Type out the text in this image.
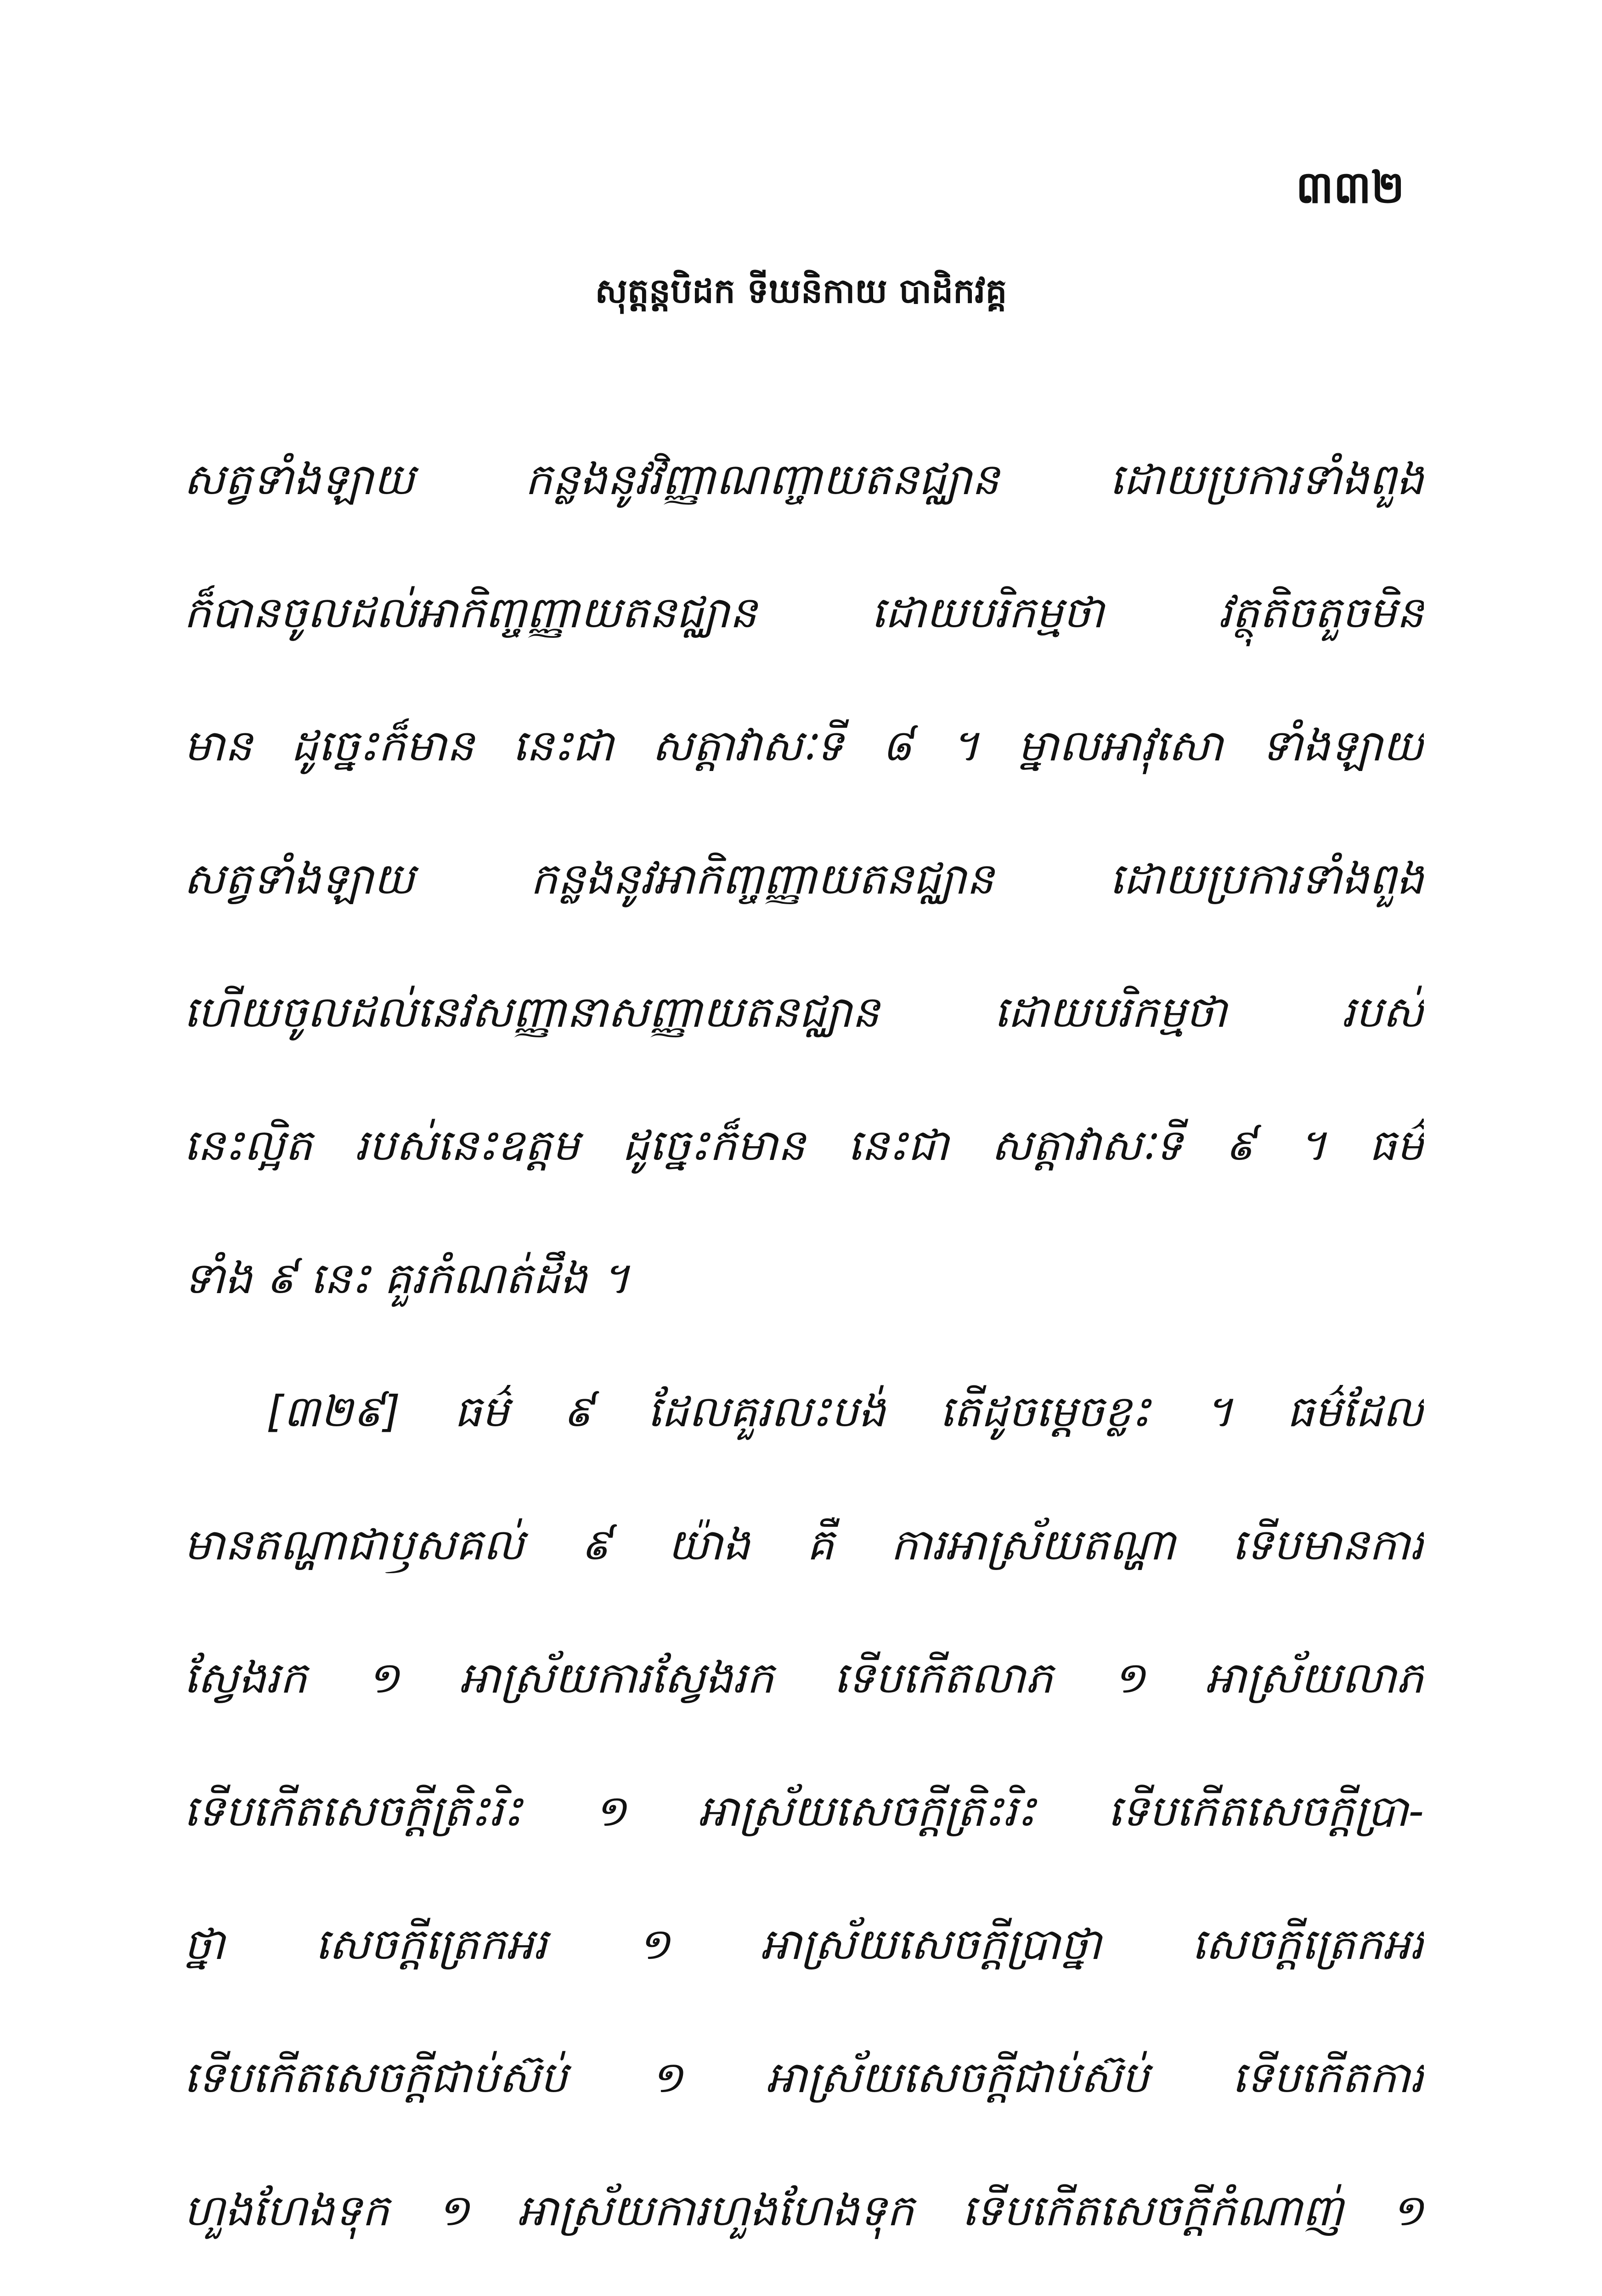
៣៣២
សុត្តន្តបិដក ទីឃនិកាយ បាដិកវគ្គ
សត្វទាំងឡាយ កន្លងនូវវិញ្ញាណញ្ចាយតនជ្ឈាន ដោយប្រការទាំងពួង
ក៏បានចូលដល់អាកិញ្ចញ្ញាយតនជ្ឈាន ដោយបរិកម្មថា វត្ថុតិចតួចមិន
មាន ដូច្នេះក៏មាន នេះជា សត្តាវាសៈទី ៨ ។ ម្នាលអាវុសោ ទាំងឡាយ
សត្វទាំងឡាយ កន្លងនូវអាកិញ្ចញ្ញាយតនជ្ឈាន ដោយប្រការទាំងពួង
ហើយចូលដល់នេវសញ្ញានាសញ្ញាយតនជ្ឈាន ដោយបរិកម្មថា របស់
នេះល្អិត របស់នេះឧត្តម ដូច្នេះក៏មាន នេះជា សត្តាវាសៈទី ៩ ។ ធម៌
ទាំង ៩ នេះ គួរកំណត់ដឹង ។
[៣២៩] ធម៌ ៩ ដែលគួរលះបង់ តើដូចម្តេចខ្លះ ។ ធម៌ដែល
មានតណ្ហាជាឫសគល់ ៩ យ៉ាង គឺ ការអាស្រ័យតណ្ហា ទើបមានការ
ស្វែងរក ១ អាស្រ័យការស្វែងរក ទើបកើតលាភ ១ អាស្រ័យលាភ
ទើបកើតសេចក្តីត្រិះរិះ ១ អាស្រ័យសេចក្តីត្រិះរិះ ទើបកើតសេចក្តីប្រា-
ថ្នា សេចក្តីត្រេកអរ ១ អាស្រ័យសេចក្តីប្រាថ្នា សេចក្តីត្រេកអរ
ទើបកើតសេចក្តីជាប់ស៊ប់ ១ អាស្រ័យសេចក្តីជាប់ស៊ប់ ទើបកើតការ
ហួងហែងទុក ១ អាស្រ័យការហួងហែងទុក ទើបកើតសេចក្តីកំណាញ់ ១
